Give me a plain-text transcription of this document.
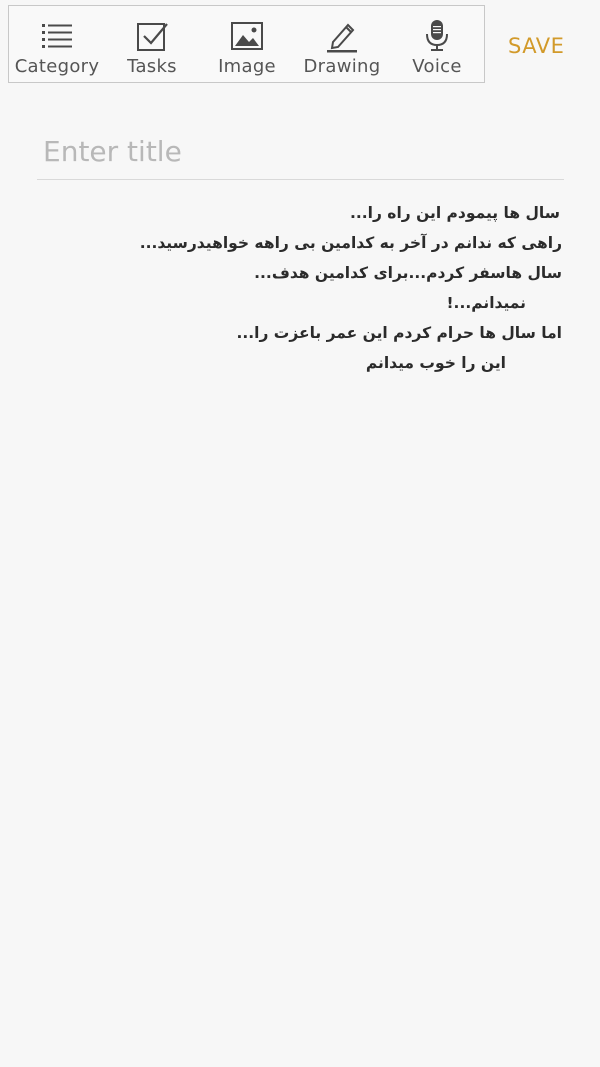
Category	Tasks	Image	Drawing	Voice
SAVE
Enter title
سال ها پیمودم این راه را...
راهی که ندانم در آخر به کدامین بی راهه خواهیدرسید...
سال هاسفر کردم...برای کدامین هدف...
نمیدانم...!
اما سال ها حرام کردم این عمر باعزت را...
این را خوب میدانم
